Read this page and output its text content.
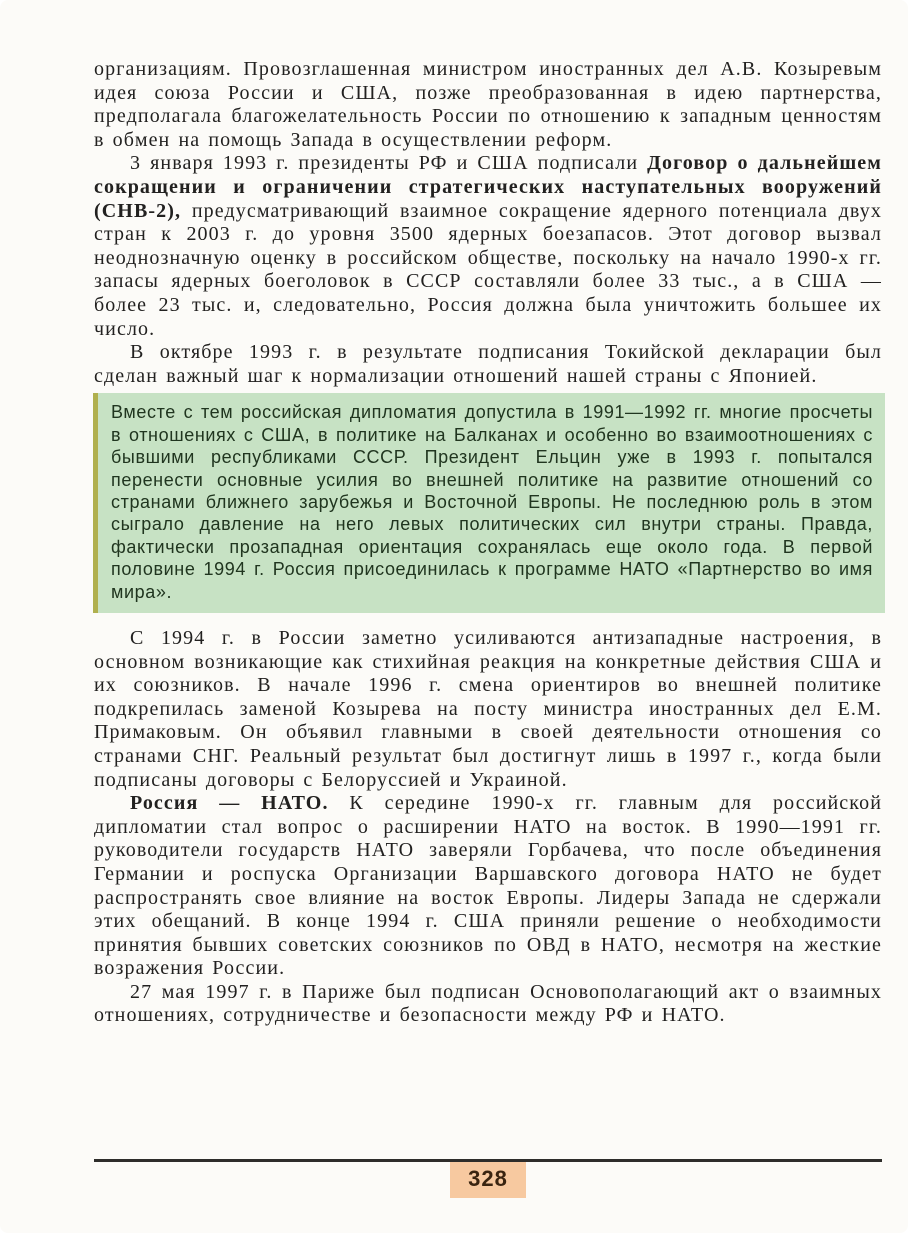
организациям. Провозглашенная министром иностранных дел А.В. Козыревым идея союза России и США, позже преобразованная в идею партнерства, предполагала благожелательность России по отношению к западным ценностям в обмен на помощь Запада в осуществлении реформ.

3 января 1993 г. президенты РФ и США подписали Договор о дальнейшем сокращении и ограничении стратегических наступательных вооружений (СНВ-2), предусматривающий взаимное сокращение ядерного потенциала двух стран к 2003 г. до уровня 3500 ядерных боезапасов. Этот договор вызвал неоднозначную оценку в российском обществе, поскольку на начало 1990-х гг. запасы ядерных боеголовок в СССР составляли более 33 тыс., а в США — более 23 тыс. и, следовательно, Россия должна была уничтожить большее их число.

В октябре 1993 г. в результате подписания Токийской декларации был сделан важный шаг к нормализации отношений нашей страны с Японией.

Вместе с тем российская дипломатия допустила в 1991—1992 гг. многие просчеты в отношениях с США, в политике на Балканах и особенно во взаимоотношениях с бывшими республиками СССР. Президент Ельцин уже в 1993 г. попытался перенести основные усилия во внешней политике на развитие отношений со странами ближнего зарубежья и Восточной Европы. Не последнюю роль в этом сыграло давление на него левых политических сил внутри страны. Правда, фактически прозападная ориентация сохранялась еще около года. В первой половине 1994 г. Россия присоединилась к программе НАТО «Партнерство во имя мира».

С 1994 г. в России заметно усиливаются антизападные настроения, в основном возникающие как стихийная реакция на конкретные действия США и их союзников. В начале 1996 г. смена ориентиров во внешней политике подкрепилась заменой Козырева на посту министра иностранных дел Е.М. Примаковым. Он объявил главными в своей деятельности отношения со странами СНГ. Реальный результат был достигнут лишь в 1997 г., когда были подписаны договоры с Белоруссией и Украиной.

Россия — НАТО. К середине 1990-х гг. главным для российской дипломатии стал вопрос о расширении НАТО на восток. В 1990—1991 гг. руководители государств НАТО заверяли Горбачева, что после объединения Германии и роспуска Организации Варшавского договора НАТО не будет распространять свое влияние на восток Европы. Лидеры Запада не сдержали этих обещаний. В конце 1994 г. США приняли решение о необходимости принятия бывших советских союзников по ОВД в НАТО, несмотря на жесткие возражения России.

27 мая 1997 г. в Париже был подписан Основополагающий акт о взаимных отношениях, сотрудничестве и безопасности между РФ и НАТО.

328
